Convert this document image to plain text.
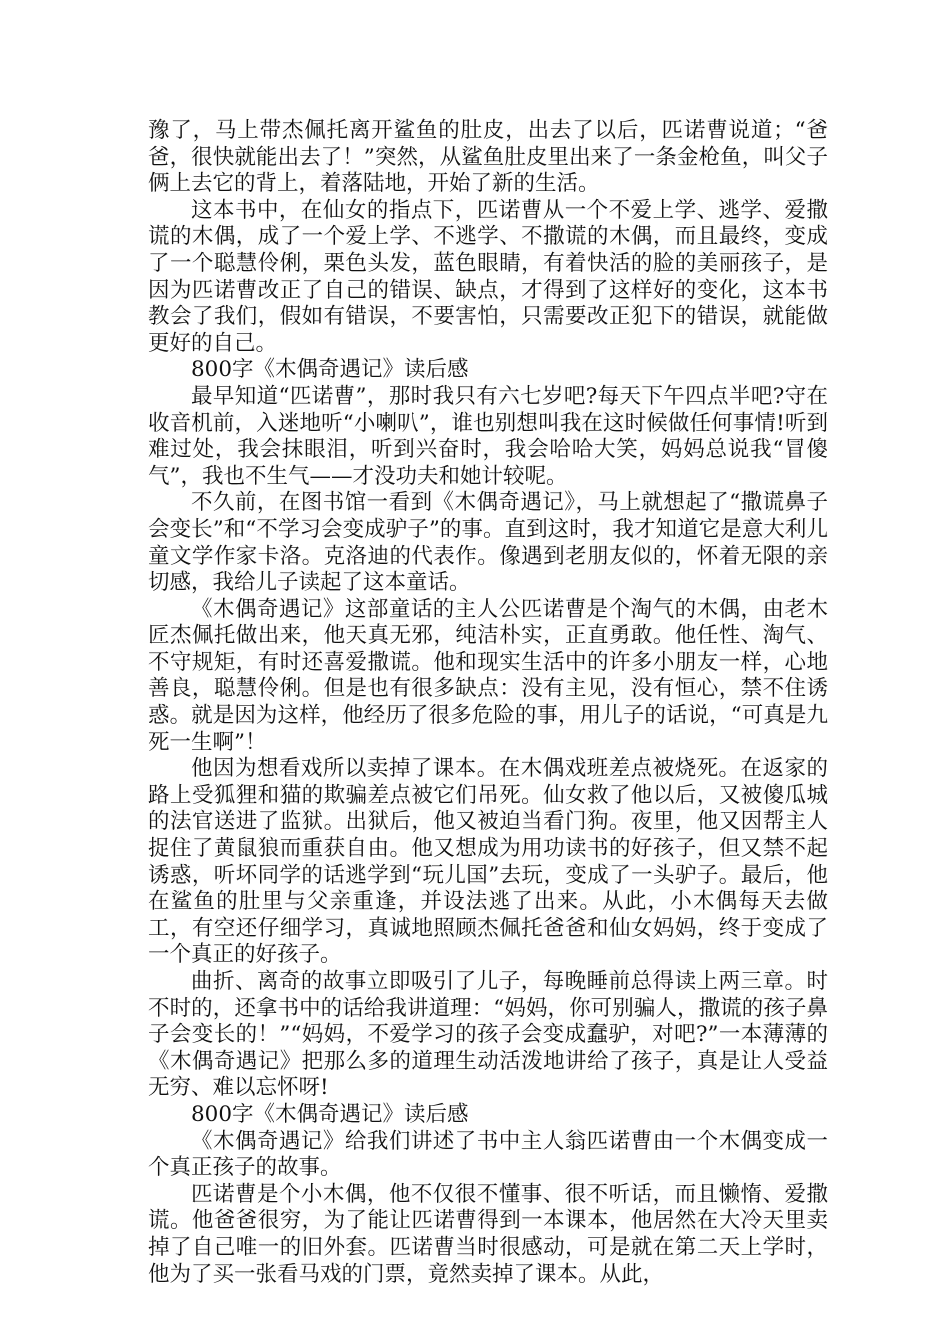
豫了，马上带杰佩托离开鲨鱼的肚皮，出去了以后，匹诺曹说道；“爸爸，很快就能出去了！”突然，从鲨鱼肚皮里出来了一条金枪鱼，叫父子俩上去它的背上，着落陆地，开始了新的生活。

这本书中，在仙女的指点下，匹诺曹从一个不爱上学、逃学、爱撒谎的木偶，成了一个爱上学、不逃学、不撒谎的木偶，而且最终，变成了一个聪慧伶俐，栗色头发，蓝色眼睛，有着快活的脸的美丽孩子，是因为匹诺曹改正了自己的错误、缺点，才得到了这样好的变化，这本书教会了我们，假如有错误，不要害怕，只需要改正犯下的错误，就能做更好的自己。

800字《木偶奇遇记》读后感

最早知道“匹诺曹”，那时我只有六七岁吧?每天下午四点半吧?守在收音机前，入迷地听“小喇叭”，谁也别想叫我在这时候做任何事情!听到难过处，我会抹眼泪，听到兴奋时，我会哈哈大笑，妈妈总说我“冒傻气”，我也不生气——才没功夫和她计较呢。

不久前，在图书馆一看到《木偶奇遇记》，马上就想起了“撒谎鼻子会变长”和“不学习会变成驴子”的事。直到这时，我才知道它是意大利儿童文学作家卡洛。克洛迪的代表作。像遇到老朋友似的，怀着无限的亲切感，我给儿子读起了这本童话。

《木偶奇遇记》这部童话的主人公匹诺曹是个淘气的木偶，由老木匠杰佩托做出来，他天真无邪，纯洁朴实，正直勇敢。他任性、淘气、不守规矩，有时还喜爱撒谎。他和现实生活中的许多小朋友一样，心地善良，聪慧伶俐。但是也有很多缺点：没有主见，没有恒心，禁不住诱惑。就是因为这样，他经历了很多危险的事，用儿子的话说，“可真是九死一生啊”！

他因为想看戏所以卖掉了课本。在木偶戏班差点被烧死。在返家的路上受狐狸和猫的欺骗差点被它们吊死。仙女救了他以后，又被傻瓜城的法官送进了监狱。出狱后，他又被迫当看门狗。夜里，他又因帮主人捉住了黄鼠狼而重获自由。他又想成为用功读书的好孩子，但又禁不起诱惑，听坏同学的话逃学到“玩儿国”去玩，变成了一头驴子。最后，他在鲨鱼的肚里与父亲重逢，并设法逃了出来。从此，小木偶每天去做工，有空还仔细学习，真诚地照顾杰佩托爸爸和仙女妈妈，终于变成了一个真正的好孩子。

曲折、离奇的故事立即吸引了儿子，每晚睡前总得读上两三章。时不时的，还拿书中的话给我讲道理：“妈妈，你可别骗人，撒谎的孩子鼻子会变长的！”“妈妈，不爱学习的孩子会变成蠢驴，对吧?”一本薄薄的《木偶奇遇记》把那么多的道理生动活泼地讲给了孩子，真是让人受益无穷、难以忘怀呀!

800字《木偶奇遇记》读后感

《木偶奇遇记》给我们讲述了书中主人翁匹诺曹由一个木偶变成一个真正孩子的故事。

匹诺曹是个小木偶，他不仅很不懂事、很不听话，而且懒惰、爱撒谎。他爸爸很穷，为了能让匹诺曹得到一本课本，他居然在大冷天里卖掉了自己唯一的旧外套。匹诺曹当时很感动，可是就在第二天上学时，他为了买一张看马戏的门票，竟然卖掉了课本。从此，
